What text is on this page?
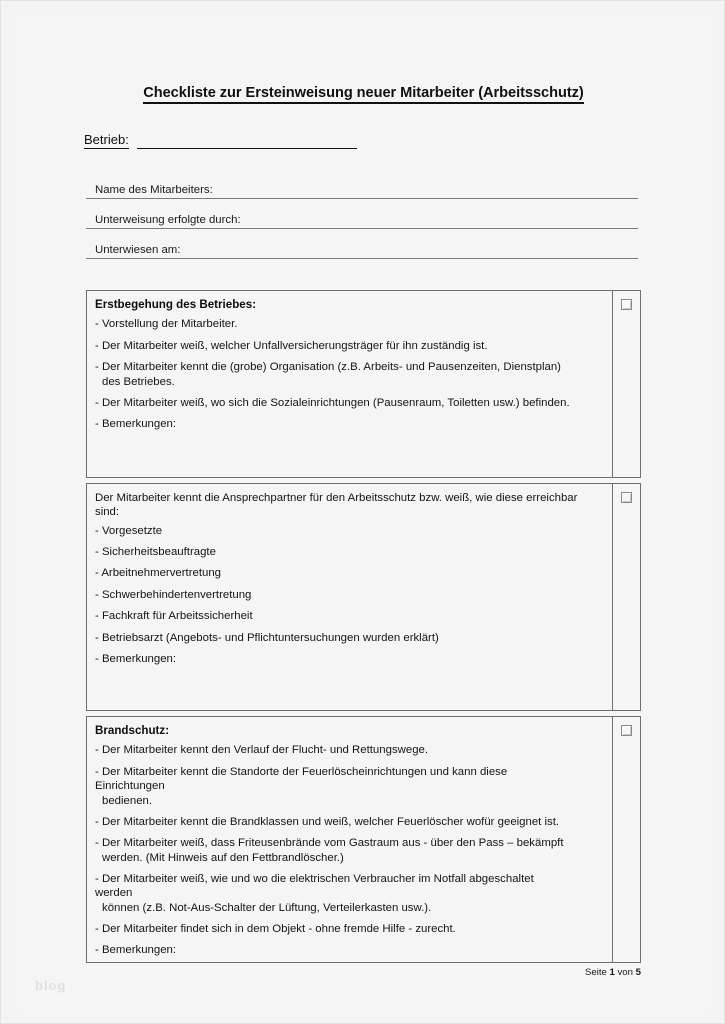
Checkliste zur Ersteinweisung neuer Mitarbeiter (Arbeitsschutz)
Betrieb:
Name des Mitarbeiters:
Unterweisung erfolgte durch:
Unterwiesen am:
Erstbegehung des Betriebes:
- Vorstellung der Mitarbeiter.
- Der Mitarbeiter weiß, welcher Unfallversicherungsträger für ihn zuständig ist.
- Der Mitarbeiter kennt die (grobe) Organisation (z.B. Arbeits- und Pausenzeiten, Dienstplan)
des Betriebes.
- Der Mitarbeiter weiß, wo sich die Sozialeinrichtungen (Pausenraum, Toiletten usw.) befinden.
- Bemerkungen:
Der Mitarbeiter kennt die Ansprechpartner für den Arbeitsschutz bzw. weiß, wie diese erreichbar sind:
- Vorgesetzte
- Sicherheitsbeauftragte
- Arbeitnehmervertretung
- Schwerbehindertenvertretung
- Fachkraft für Arbeitssicherheit
- Betriebsarzt (Angebots- und Pflichtuntersuchungen wurden erklärt)
- Bemerkungen:
Brandschutz:
- Der Mitarbeiter kennt den Verlauf der Flucht- und Rettungswege.
- Der Mitarbeiter kennt die Standorte der Feuerlöscheinrichtungen und kann diese
Einrichtungen
bedienen.
- Der Mitarbeiter kennt die Brandklassen und weiß, welcher Feuerlöscher wofür geeignet ist.
- Der Mitarbeiter weiß, dass Friteusenbrände vom Gastraum aus - über den Pass – bekämpft
werden. (Mit Hinweis auf den Fettbrandlöscher.)
- Der Mitarbeiter weiß, wie und wo die elektrischen Verbraucher im Notfall abgeschaltet
werden
können (z.B. Not-Aus-Schalter der Lüftung, Verteilerkasten usw.).
- Der Mitarbeiter findet sich in dem Objekt - ohne fremde Hilfe - zurecht.
- Bemerkungen:
Seite 1 von 5
blog
